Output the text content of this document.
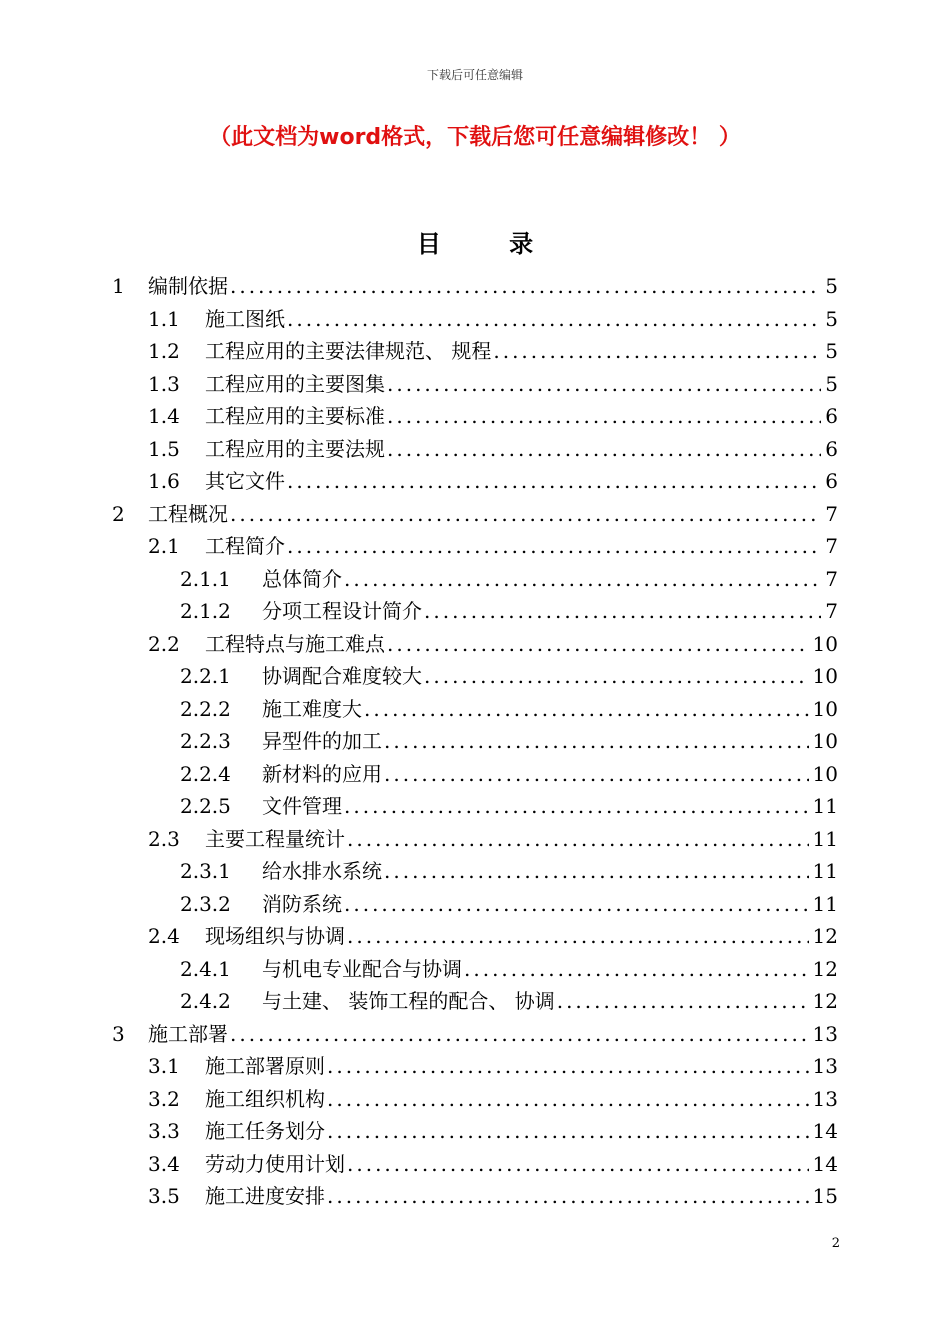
下载后可任意编辑
（此文档为word格式，下载后您可任意编辑修改！ ）
目 录
1	编制依据 .....	5
1.1	施工图纸 .....	5
1.2	工程应用的主要法律规范、 规程 .....	5
1.3	工程应用的主要图集 .....	5
1.4	工程应用的主要标准 .....	6
1.5	工程应用的主要法规 .....	6
1.6	其它文件 .....	6
2	工程概况 .....	7
2.1	工程简介 .....	7
2.1.1	总体简介 .....	7
2.1.2	分项工程设计简介 .....	7
2.2	工程特点与施工难点 .....	10
2.2.1	协调配合难度较大 .....	10
2.2.2	施工难度大 .....	10
2.2.3	异型件的加工 .....	10
2.2.4	新材料的应用 .....	10
2.2.5	文件管理 .....	11
2.3	主要工程量统计 .....	11
2.3.1	给水排水系统 .....	11
2.3.2	消防系统 .....	11
2.4	现场组织与协调 .....	12
2.4.1	与机电专业配合与协调 .....	12
2.4.2	与土建、 装饰工程的配合、 协调 .....	12
3	施工部署 .....	13
3.1	施工部署原则 .....	13
3.2	施工组织机构 .....	13
3.3	施工任务划分 .....	14
3.4	劳动力使用计划 .....	14
3.5	施工进度安排 .....	15
2
